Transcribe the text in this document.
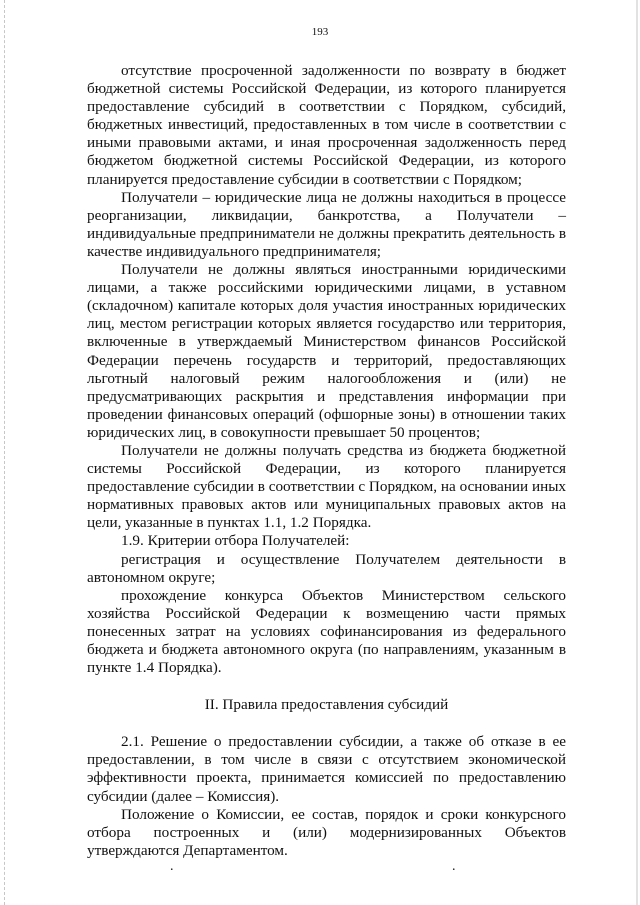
193

отсутствие просроченной задолженности по возврату в бюджет бюджетной системы Российской Федерации, из которого планируется предоставление субсидий в соответствии с Порядком, субсидий, бюджетных инвестиций, предоставленных в том числе в соответствии с иными правовыми актами, и иная просроченная задолженность перед бюджетом бюджетной системы Российской Федерации, из которого планируется предоставление субсидии в соответствии с Порядком;

Получатели – юридические лица не должны находиться в процессе реорганизации, ликвидации, банкротства, а Получатели – индивидуальные предприниматели не должны прекратить деятельность в качестве индивидуального предпринимателя;

Получатели не должны являться иностранными юридическими лицами, а также российскими юридическими лицами, в уставном (складочном) капитале которых доля участия иностранных юридических лиц, местом регистрации которых является государство или территория, включенные в утверждаемый Министерством финансов Российской Федерации перечень государств и территорий, предоставляющих льготный налоговый режим налогообложения и (или) не предусматривающих раскрытия и представления информации при проведении финансовых операций (офшорные зоны) в отношении таких юридических лиц, в совокупности превышает 50 процентов;

Получатели не должны получать средства из бюджета бюджетной системы Российской Федерации, из которого планируется предоставление субсидии в соответствии с Порядком, на основании иных нормативных правовых актов или муниципальных правовых актов на цели, указанные в пунктах 1.1, 1.2 Порядка.

1.9. Критерии отбора Получателей:

регистрация и осуществление Получателем деятельности в автономном округе;

прохождение конкурса Объектов Министерством сельского хозяйства Российской Федерации к возмещению части прямых понесенных затрат на условиях софинансирования из федерального бюджета и бюджета автономного округа (по направлениям, указанным в пункте 1.4 Порядка).

II. Правила предоставления субсидий

2.1. Решение о предоставлении субсидии, а также об отказе в ее предоставлении, в том числе в связи с отсутствием экономической эффективности проекта, принимается комиссией по предоставлению субсидии (далее – Комиссия).

Положение о Комиссии, ее состав, порядок и сроки конкурсного отбора построенных и (или) модернизированных Объектов утверждаются Департаментом.

.	.
